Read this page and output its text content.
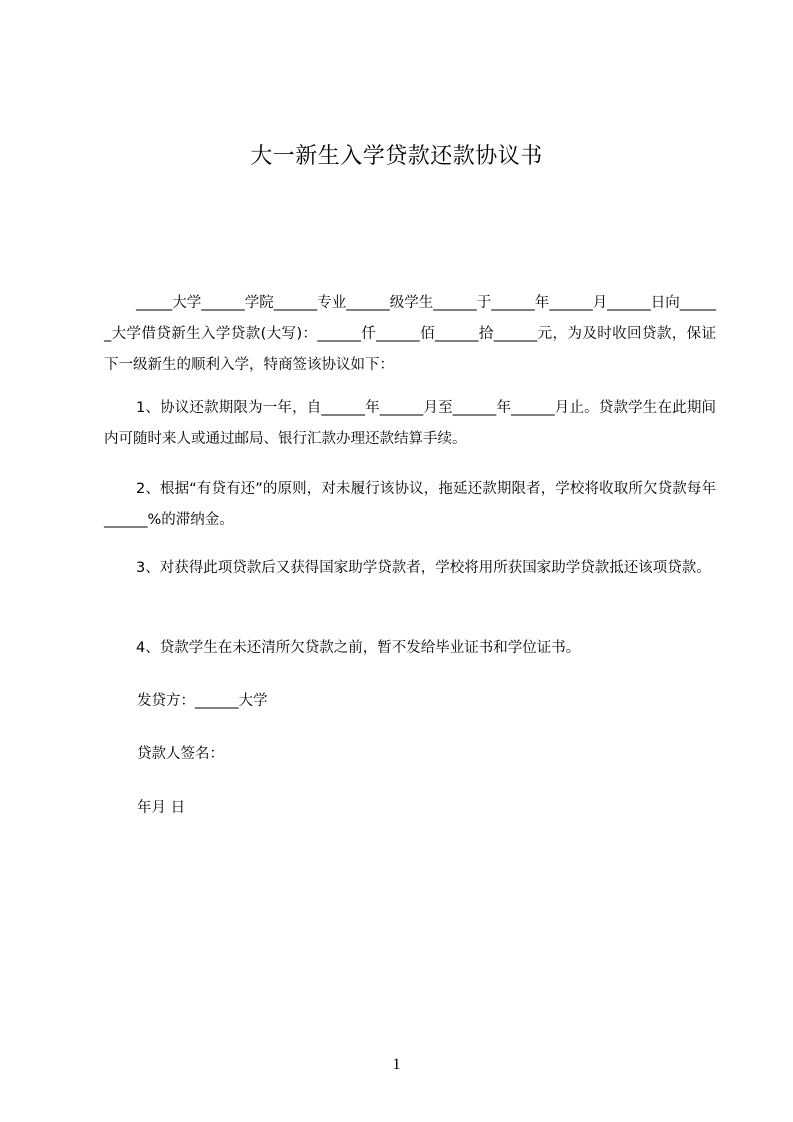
大一新生入学贷款还款协议书
_____大学______学院______专业______级学生______于______年______月______日向______大学借贷新生入学贷款(大写)：______仟______佰______拾______元，为及时收回贷款，保证下一级新生的顺利入学，特商签该协议如下：
1、协议还款期限为一年，自______年______月至______年______月止。贷款学生在此期间内可随时来人或通过邮局、银行汇款办理还款结算手续。
2、根据“有贷有还”的原则，对未履行该协议，拖延还款期限者，学校将收取所欠贷款每年______%的滞纳金。
3、对获得此项贷款后又获得国家助学贷款者，学校将用所获国家助学贷款抵还该项贷款。
4、贷款学生在未还清所欠贷款之前，暂不发给毕业证书和学位证书。
发贷方：______大学
贷款人签名：
年月 日
1
